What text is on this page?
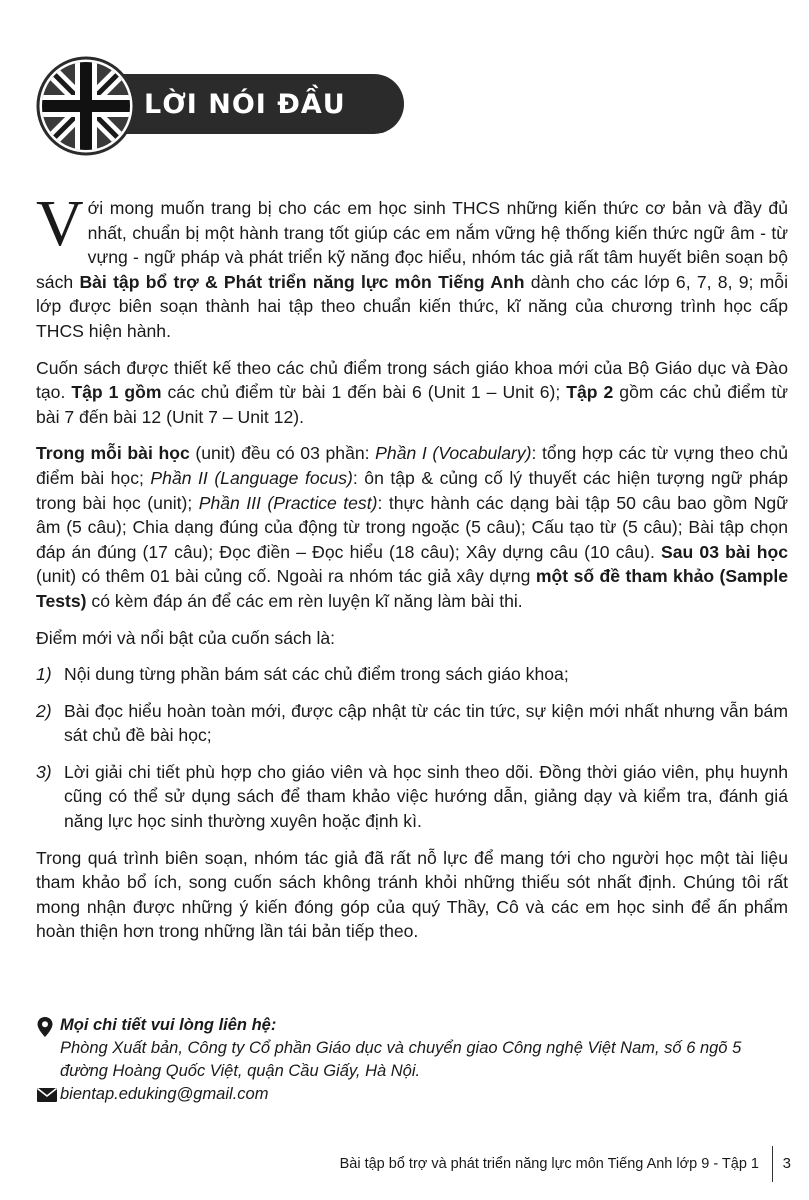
LỜI NÓI ĐẦU

Với mong muốn trang bị cho các em học sinh THCS những kiến thức cơ bản và đầy đủ nhất, chuẩn bị một hành trang tốt giúp các em nắm vững hệ thống kiến thức ngữ âm - từ vựng - ngữ pháp và phát triển kỹ năng đọc hiểu, nhóm tác giả rất tâm huyết biên soạn bộ sách Bài tập bổ trợ & Phát triển năng lực môn Tiếng Anh dành cho các lớp 6, 7, 8, 9; mỗi lớp được biên soạn thành hai tập theo chuẩn kiến thức, kĩ năng của chương trình học cấp THCS hiện hành.

Cuốn sách được thiết kế theo các chủ điểm trong sách giáo khoa mới của Bộ Giáo dục và Đào tạo. Tập 1 gồm các chủ điểm từ bài 1 đến bài 6 (Unit 1 – Unit 6); Tập 2 gồm các chủ điểm từ bài 7 đến bài 12 (Unit 7 – Unit 12).

Trong mỗi bài học (unit) đều có 03 phần: Phần I (Vocabulary): tổng hợp các từ vựng theo chủ điểm bài học; Phần II (Language focus): ôn tập & củng cố lý thuyết các hiện tượng ngữ pháp trong bài học (unit); Phần III (Practice test): thực hành các dạng bài tập 50 câu bao gồm Ngữ âm (5 câu); Chia dạng đúng của động từ trong ngoặc (5 câu); Cấu tạo từ (5 câu); Bài tập chọn đáp án đúng (17 câu); Đọc điền – Đọc hiểu (18 câu); Xây dựng câu (10 câu). Sau 03 bài học (unit) có thêm 01 bài củng cố. Ngoài ra nhóm tác giả xây dựng một số đề tham khảo (Sample Tests) có kèm đáp án để các em rèn luyện kĩ năng làm bài thi.

Điểm mới và nổi bật của cuốn sách là:

1) Nội dung từng phần bám sát các chủ điểm trong sách giáo khoa;
2) Bài đọc hiểu hoàn toàn mới, được cập nhật từ các tin tức, sự kiện mới nhất nhưng vẫn bám sát chủ đề bài học;
3) Lời giải chi tiết phù hợp cho giáo viên và học sinh theo dõi. Đồng thời giáo viên, phụ huynh cũng có thể sử dụng sách để tham khảo việc hướng dẫn, giảng dạy và kiểm tra, đánh giá năng lực học sinh thường xuyên hoặc định kì.

Trong quá trình biên soạn, nhóm tác giả đã rất nỗ lực để mang tới cho người học một tài liệu tham khảo bổ ích, song cuốn sách không tránh khỏi những thiếu sót nhất định. Chúng tôi rất mong nhận được những ý kiến đóng góp của quý Thầy, Cô và các em học sinh để ấn phẩm hoàn thiện hơn trong những lần tái bản tiếp theo.

Mọi chi tiết vui lòng liên hệ:
Phòng Xuất bản, Công ty Cổ phần Giáo dục và chuyển giao Công nghệ Việt Nam, số 6 ngõ 5 đường Hoàng Quốc Việt, quận Cầu Giấy, Hà Nội.
bientap.eduking@gmail.com
Bài tập bổ trợ và phát triển năng lực môn Tiếng Anh lớp 9 - Tập 1 3
